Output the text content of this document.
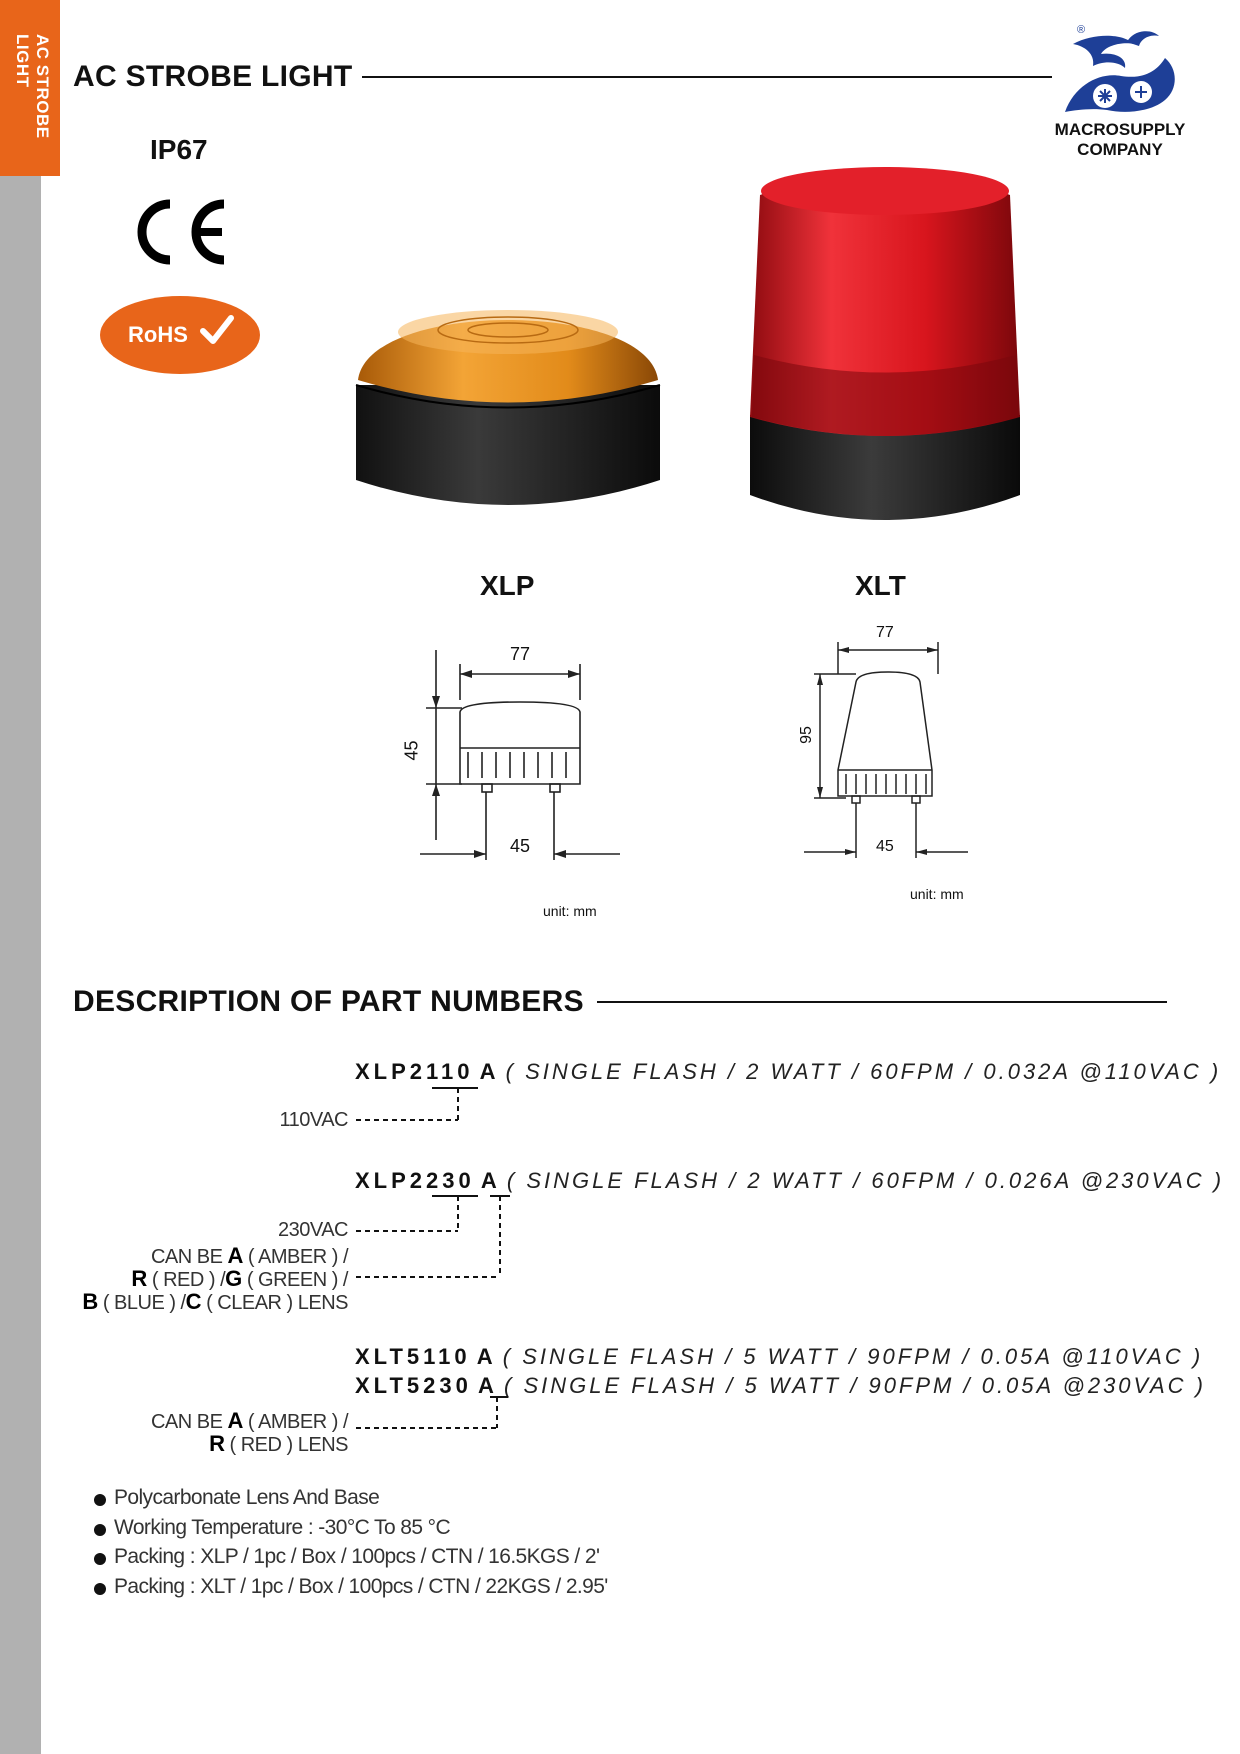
AC STROBE
LIGHT	AC STROBE LIGHT
®
MACROSUPPLY
COMPANY
IP67
RoHS
XLP	XLT
77
45
45
unit: mm
77
95
45
unit: mm
DESCRIPTION OF PART NUMBERS
XLP2110 A ( SINGLE FLASH / 2 WATT / 60FPM / 0.032A @110VAC )
XLP2230 A ( SINGLE FLASH / 2 WATT / 60FPM / 0.026A @230VAC )
XLT5110 A ( SINGLE FLASH / 5 WATT / 90FPM / 0.05A @110VAC )
XLT5230 A ( SINGLE FLASH / 5 WATT / 90FPM / 0.05A @230VAC )
110VAC
230VAC
CAN BE A ( AMBER ) /
R ( RED ) /G ( GREEN ) /
B ( BLUE ) /C ( CLEAR ) LENS
CAN BE A ( AMBER ) /
R ( RED ) LENS
Polycarbonate Lens And Base
Working Temperature : -30°C To 85 °C
Packing : XLP / 1pc / Box / 100pcs / CTN / 16.5KGS / 2'
Packing : XLT / 1pc / Box / 100pcs / CTN / 22KGS / 2.95'
